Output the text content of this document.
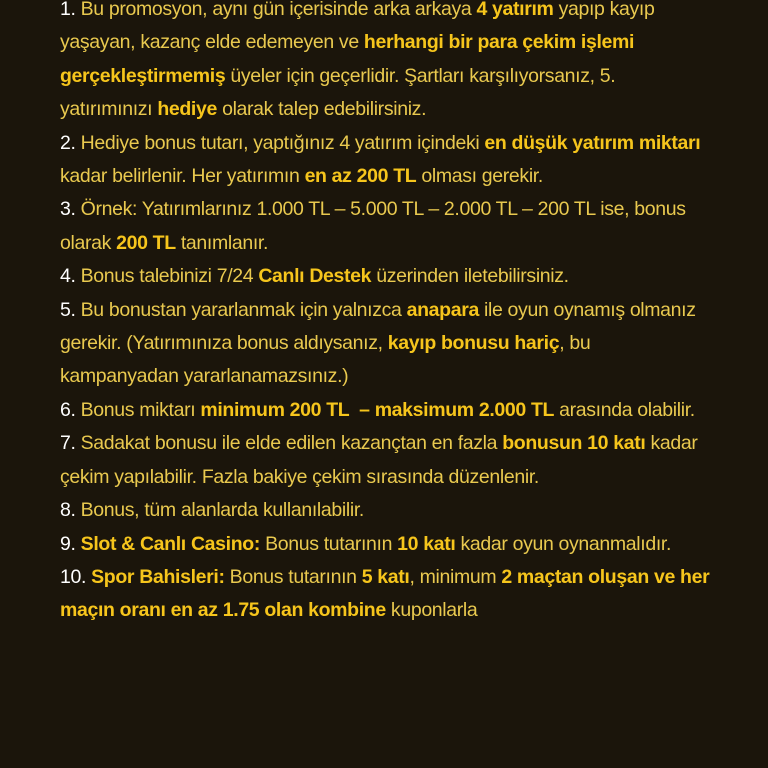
1. Bu promosyon, aynı gün içerisinde arka arkaya 4 yatırım yapıp kayıp yaşayan, kazanç elde edemeyen ve herhangi bir para çekim işlemi gerçekleştirmemiş üyeler için geçerlidir. Şartları karşılıyorsanız, 5. yatırımınızı hediye olarak talep edebilirsiniz.
2. Hediye bonus tutarı, yaptığınız 4 yatırım içindeki en düşük yatırım miktarı kadar belirlenir. Her yatırımın en az 200 TL olması gerekir.
3. Örnek: Yatırımlarınız 1.000 TL – 5.000 TL – 2.000 TL – 200 TL ise, bonus olarak 200 TL tanımlanır.
4. Bonus talebinizi 7/24 Canlı Destek üzerinden iletebilirsiniz.
5. Bu bonustan yararlanmak için yalnızca anapara ile oyun oynamış olmanız gerekir. (Yatırımınıza bonus aldıysanız, kayıp bonusu hariç, bu kampanyadan yararlanamazsınız.)
6. Bonus miktarı minimum 200 TL  – maksimum 2.000 TL arasında olabilir.
7. Sadakat bonusu ile elde edilen kazançtan en fazla bonusun 10 katı kadar çekim yapılabilir. Fazla bakiye çekim sırasında düzenlenir.
8. Bonus, tüm alanlarda kullanılabilir.
9. Slot & Canlı Casino: Bonus tutarının 10 katı kadar oyun oynanmalıdır.
10. Spor Bahisleri: Bonus tutarının 5 katı, minimum 2 maçtan oluşan ve her maçın oranı en az 1.75 olan kombine kuponlarla
